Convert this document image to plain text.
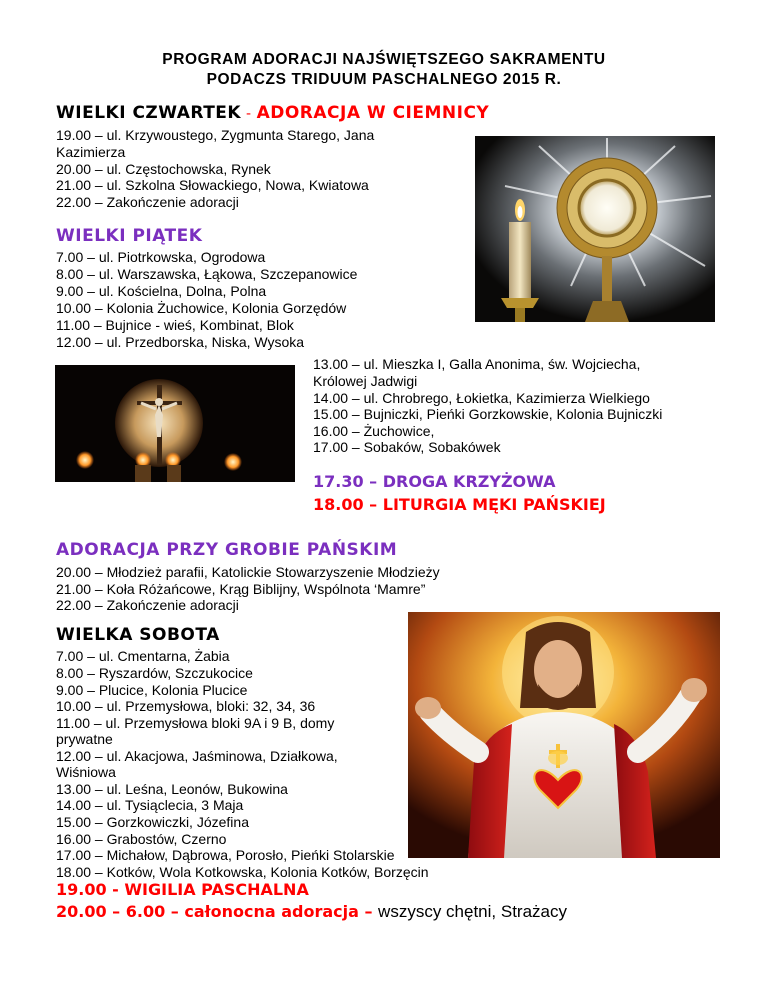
PROGRAM ADORACJI NAJŚWIĘTSZEGO SAKRAMENTU
PODACZS TRIDUUM PASCHALNEGO 2015 R.
WIELKI CZWARTEK - ADORACJA W CIEMNICY
19.00 – ul. Krzywoustego, Zygmunta Starego, Jana
Kazimierza
20.00 – ul. Częstochowska, Rynek
21.00 – ul. Szkolna Słowackiego, Nowa, Kwiatowa
22.00 – Zakończenie adoracji
WIELKI PIĄTEK
7.00 – ul. Piotrkowska, Ogrodowa
8.00 – ul. Warszawska, Łąkowa, Szczepanowice
9.00 – ul. Kościelna, Dolna, Polna
10.00 – Kolonia Żuchowice, Kolonia Gorzędów
11.00 – Bujnice - wieś, Kombinat, Blok
12.00 – ul. Przedborska, Niska, Wysoka
13.00 – ul. Mieszka I, Galla Anonima, św. Wojciecha,
Królowej Jadwigi
14.00 – ul. Chrobrego, Łokietka, Kazimierza Wielkiego
15.00 – Bujniczki, Pieńki Gorzkowskie, Kolonia Bujniczki
16.00 – Żuchowice,
17.00 – Sobaków, Sobakówek
17.30 – DROGA KRZYŻOWA
18.00 – LITURGIA MĘKI PAŃSKIEJ
ADORACJA PRZY GROBIE PAŃSKIM
20.00 – Młodzież parafii, Katolickie Stowarzyszenie Młodzieży
21.00 – Koła Różańcowe, Krąg Biblijny, Wspólnota ‘Mamre”
22.00 – Zakończenie adoracji
WIELKA SOBOTA
7.00 – ul. Cmentarna, Żabia
8.00 – Ryszardów, Szczukocice
9.00 – Plucice, Kolonia Plucice
10.00 – ul. Przemysłowa, bloki: 32, 34, 36
11.00 – ul. Przemysłowa bloki 9A i 9 B, domy
prywatne
12.00 – ul. Akacjowa, Jaśminowa, Działkowa,
Wiśniowa
13.00 – ul. Leśna, Leonów, Bukowina
14.00 – ul. Tysiąclecia, 3 Maja
15.00 – Gorzkowiczki, Józefina
16.00 – Grabostów, Czerno
17.00 – Michałow, Dąbrowa, Porosło, Pieńki Stolarskie
18.00 – Kotków, Wola Kotkowska, Kolonia Kotków, Borzęcin
19.00 - WIGILIA PASCHALNA
20.00 – 6.00 – całonocna adoracja – wszyscy chętni, Strażacy
